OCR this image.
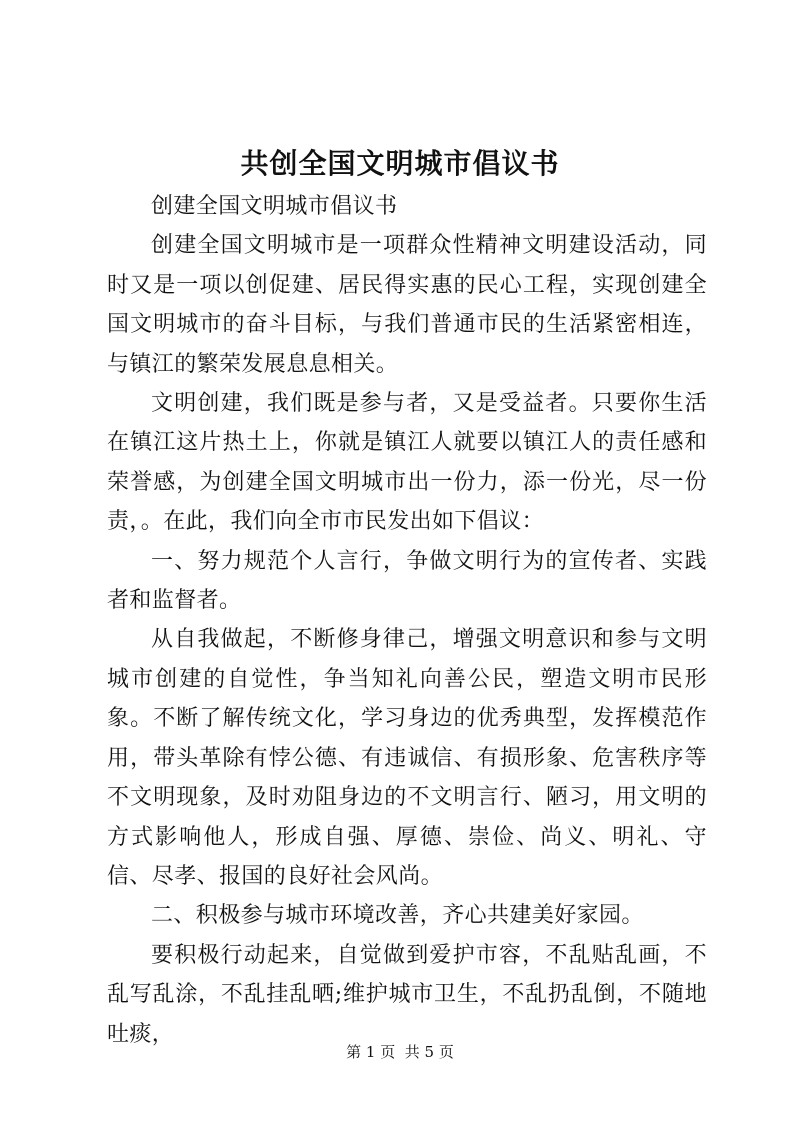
共创全国文明城市倡议书

创建全国文明城市倡议书

创建全国文明城市是一项群众性精神文明建设活动，同时又是一项以创促建、居民得实惠的民心工程，实现创建全国文明城市的奋斗目标，与我们普通市民的生活紧密相连，与镇江的繁荣发展息息相关。

文明创建，我们既是参与者，又是受益者。只要你生活在镇江这片热土上，你就是镇江人就要以镇江人的责任感和荣誉感，为创建全国文明城市出一份力，添一份光，尽一份责，。在此，我们向全市市民发出如下倡议：

一、努力规范个人言行，争做文明行为的宣传者、实践者和监督者。

从自我做起，不断修身律己，增强文明意识和参与文明城市创建的自觉性，争当知礼向善公民，塑造文明市民形象。不断了解传统文化，学习身边的优秀典型，发挥模范作用，带头革除有悖公德、有违诚信、有损形象、危害秩序等不文明现象，及时劝阻身边的不文明言行、陋习，用文明的方式影响他人，形成自强、厚德、崇俭、尚义、明礼、守信、尽孝、报国的良好社会风尚。

二、积极参与城市环境改善，齐心共建美好家园。

要积极行动起来，自觉做到爱护市容，不乱贴乱画，不乱写乱涂，不乱挂乱晒;维护城市卫生，不乱扔乱倒，不随地吐痰，

第 1 页  共 5 页
